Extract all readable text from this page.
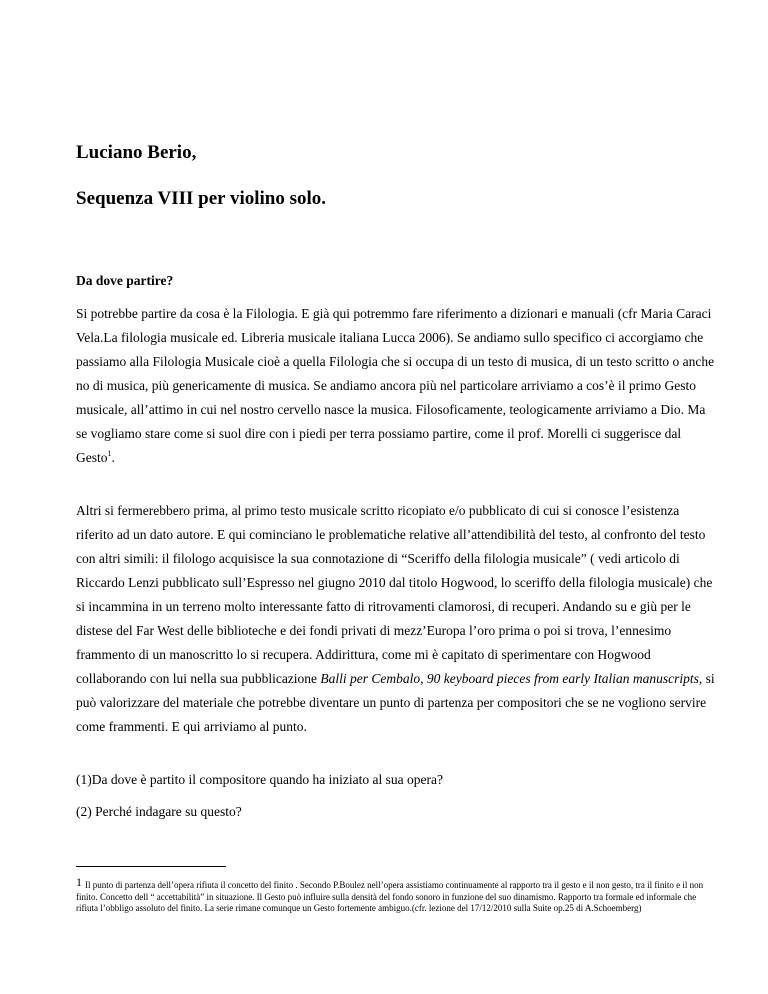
Luciano Berio,
Sequenza VIII per violino solo.
Da dove partire?

Si potrebbe partire da cosa è la Filologia. E già qui potremmo fare riferimento a dizionari e manuali (cfr Maria Caraci Vela.La filologia musicale ed. Libreria musicale italiana Lucca 2006). Se andiamo sullo specifico ci accorgiamo che passiamo alla Filologia Musicale cioè a quella Filologia che si occupa di un testo di musica, di un testo scritto o anche no di musica, più genericamente di musica. Se andiamo ancora più nel particolare arriviamo a cos’è il primo Gesto musicale, all’attimo in cui nel nostro cervello nasce la musica. Filosoficamente, teologicamente arriviamo a Dio. Ma se vogliamo stare come si suol dire con i piedi per terra possiamo partire, come il prof. Morelli ci suggerisce dal Gesto$^1$.

Altri si fermerebbero prima, al primo testo musicale scritto ricopiato e/o pubblicato di cui si conosce l’esistenza riferito ad un dato autore. E qui cominciano le problematiche relative all’attendibilità del testo, al confronto del testo con altri simili: il filologo acquisisce la sua connotazione di “Sceriffo della filologia musicale” ( vedi articolo di Riccardo Lenzi pubblicato sull’Espresso nel giugno 2010 dal titolo Hogwood, lo sceriffo della filologia musicale) che si incammina in un terreno molto interessante fatto di ritrovamenti clamorosi, di recuperi. Andando su e giù per le distese del Far West delle biblioteche e dei fondi privati di mezz’Europa l’oro prima o poi si trova, l’ennesimo frammento di un manoscritto lo si recupera. Addirittura, come mi è capitato di sperimentare con Hogwood collaborando con lui nella sua pubblicazione Balli per Cembalo, 90 keyboard pieces from early Italian manuscripts, si può valorizzare del materiale che potrebbe diventare un punto di partenza per compositori che se ne vogliono servire come frammenti. E qui arriviamo al punto.

(1)Da dove è partito il compositore quando ha iniziato al sua opera?

(2) Perché indagare su questo?

1 Il punto di partenza dell’opera rifiuta il concetto del finito . Secondo P.Boulez nell’opera assistiamo continuamente al rapporto tra il gesto e il non gesto, tra il finito e il non finito. Concetto dell “ accettabilità” in situazione. Il Gesto può influire sulla densità del fondo sonoro in funzione del suo dinamismo. Rapporto tra formale ed informale che rifiuta l’obbligo assoluto del finito. La serie rimane comunque un Gesto fortemente ambiguo.(cfr. lezione del 17/12/2010 sulla Suite op.25 di A.Schoemberg)
